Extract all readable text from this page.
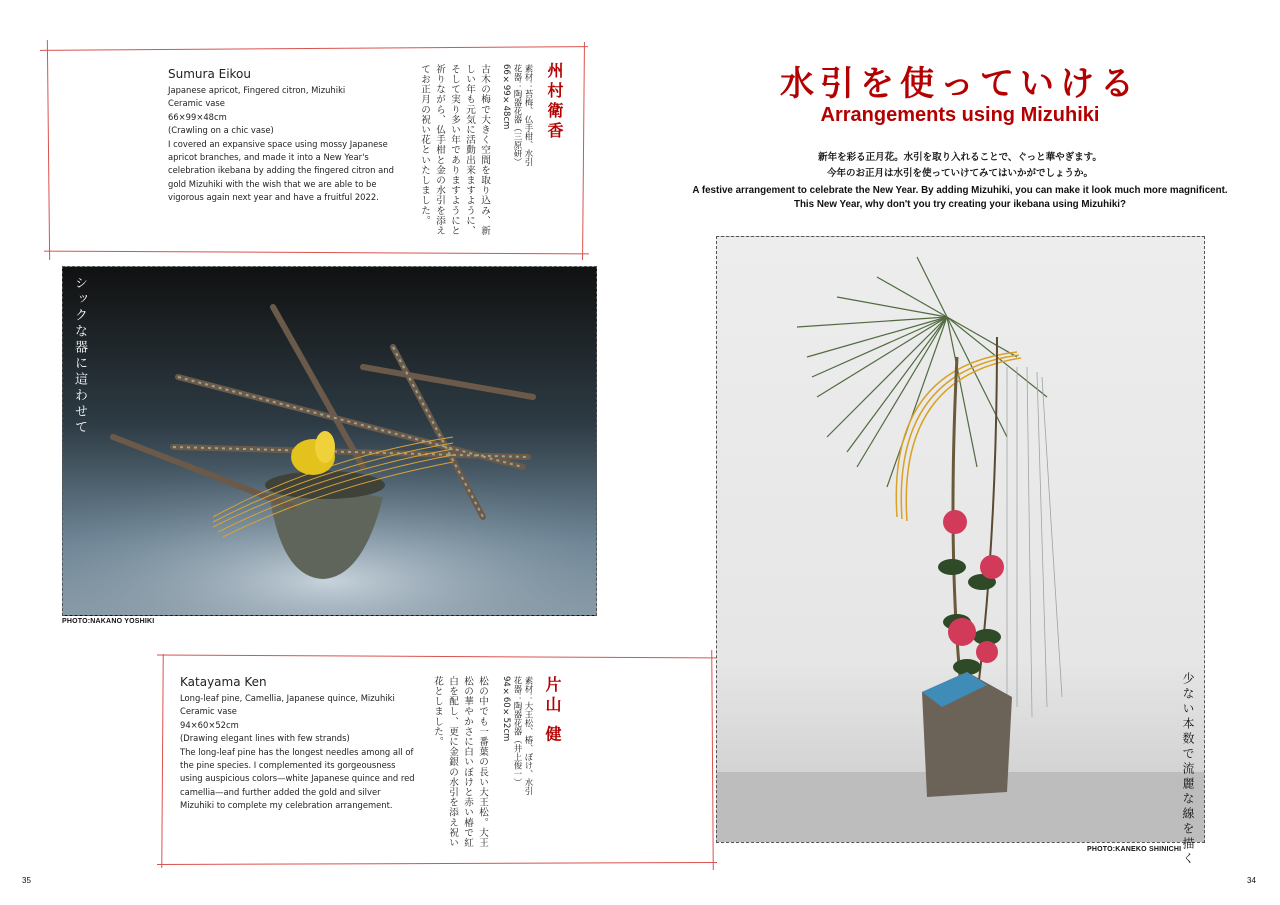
Sumura Eikou
Japanese apricot, Fingered citron, Mizuhiki
Ceramic vase
66×99×48cm
(Crawling on a chic vase)
I covered an expansive space using mossy Japanese apricot branches, and made it into a New Year's celebration ikebana by adding the fingered citron and gold Mizuhiki with the wish that we are able to be vigorous again next year and have a fruitful 2022.
州村衛香
素材：苔梅、仏手柑、水引
花器：陶器花器（三原研）
66×99×48cm
古木の梅で大きく空間を取り込み、新しい年も元気に活動出来ますように、そして実り多い年でありますようにと祈りながら、仏手柑と金の水引を添えてお正月の祝い花といたしました。
シックな器に這わせて
PHOTO:NAKANO YOSHIKI
Katayama Ken
Long-leaf pine, Camellia, Japanese quince, Mizuhiki
Ceramic vase
94×60×52cm
(Drawing elegant lines with few strands)
The long-leaf pine has the longest needles among all of the pine species. I complemented its gorgeousness using auspicious colors—white Japanese quince and red camellia—and further added the gold and silver Mizuhiki to complete my celebration arrangement.
片山 健
素材：大王松、椿、ぼけ、水引
花器：陶器花器（井上俊一）
94×60×52cm
松の中でも一番葉の長い大王松。大王松の華やかさに白いぼけと赤い椿で紅白を配し、更に金銀の水引を添え祝い花としました。
35
水引を使っていける
Arrangements using Mizuhiki
新年を彩る正月花。水引を取り入れることで、ぐっと華やぎます。
今年のお正月は水引を使っていけてみてはいかがでしょうか。
A festive arrangement to celebrate the New Year. By adding Mizuhiki, you can make it look much more magnificent.
This New Year, why don't you try creating your ikebana using Mizuhiki?
少ない本数で流麗な線を描く
PHOTO:KANEKO SHINICHI
34
